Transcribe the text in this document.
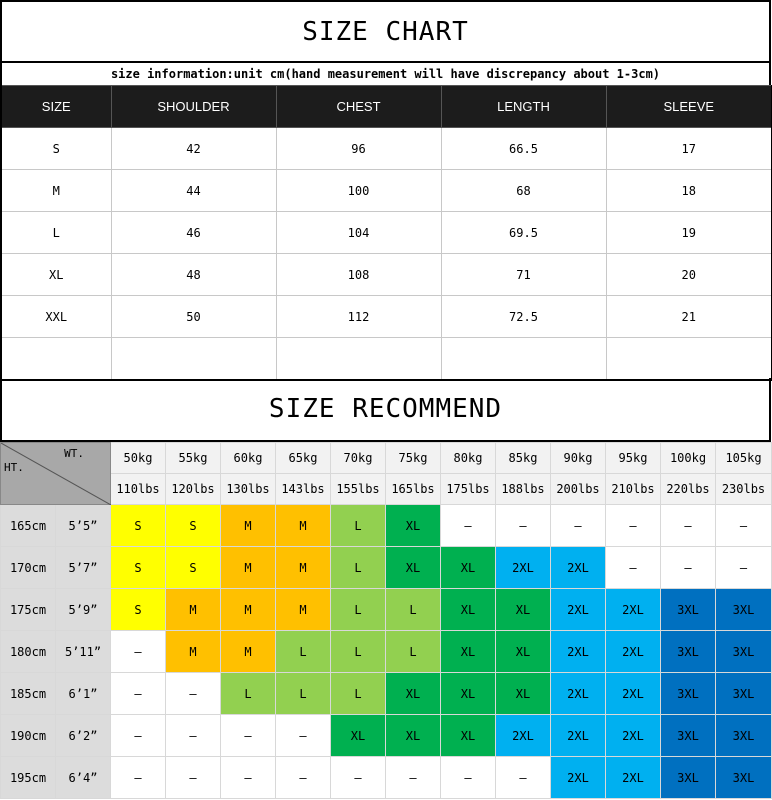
SIZE CHART
size information:unit cm(hand measurement will have discrepancy about 1-3cm)
SIZE	SHOULDER	CHEST	LENGTH	SLEEVE
S	42	96	66.5	17
M	44	100	68	18
L	46	104	69.5	19
XL	48	108	71	20
XXL	50	112	72.5	21

SIZE RECOMMEND
WT.
HT.		50kg	55kg	60kg	65kg	70kg	75kg	80kg	85kg	90kg	95kg	100kg	105kg
		110lbs	120lbs	130lbs	143lbs	155lbs	165lbs	175lbs	188lbs	200lbs	210lbs	220lbs	230lbs
165cm	5’5”	S	S	M	M	L	XL	–	–	–	–	–	–
170cm	5’7”	S	S	M	M	L	XL	XL	2XL	2XL	–	–	–
175cm	5’9”	S	M	M	M	L	L	XL	XL	2XL	2XL	3XL	3XL
180cm	5’11”	–	M	M	L	L	L	XL	XL	2XL	2XL	3XL	3XL
185cm	6’1”	–	–	L	L	L	XL	XL	XL	2XL	2XL	3XL	3XL
190cm	6’2”	–	–	–	–	XL	XL	XL	2XL	2XL	2XL	3XL	3XL
195cm	6’4”	–	–	–	–	–	–	–	–	2XL	2XL	3XL	3XL
